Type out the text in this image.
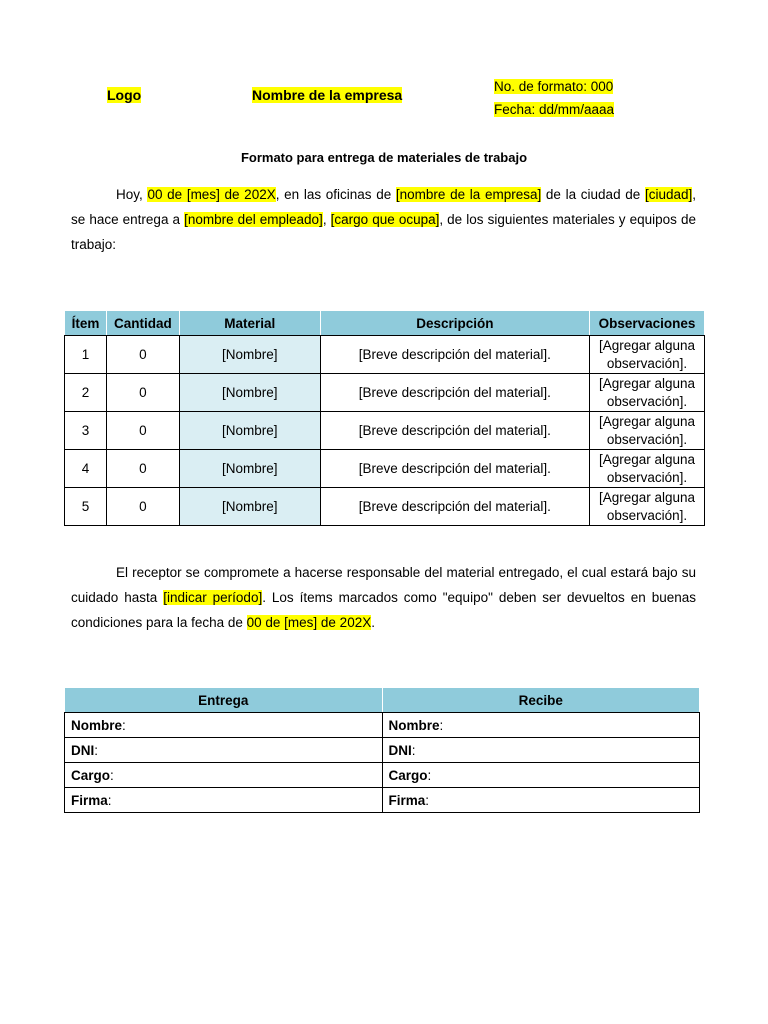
Logo	Nombre de la empresa
No. de formato: 000
Fecha: dd/mm/aaaa
Formato para entrega de materiales de trabajo
Hoy, 00 de [mes] de 202X, en las oficinas de [nombre de la empresa] de la ciudad de [ciudad], se hace entrega a [nombre del empleado], [cargo que ocupa], de los siguientes materiales y equipos de trabajo:
Ítem	Cantidad	Material	Descripción	Observaciones
1	0	[Nombre]	[Breve descripción del material].	[Agregar alguna observación].
2	0	[Nombre]	[Breve descripción del material].	[Agregar alguna observación].
3	0	[Nombre]	[Breve descripción del material].	[Agregar alguna observación].
4	0	[Nombre]	[Breve descripción del material].	[Agregar alguna observación].
5	0	[Nombre]	[Breve descripción del material].	[Agregar alguna observación].
El receptor se compromete a hacerse responsable del material entregado, el cual estará bajo su cuidado hasta [indicar período]. Los ítems marcados como "equipo" deben ser devueltos en buenas condiciones para la fecha de 00 de [mes] de 202X.
Entrega	Recibe
Nombre:	Nombre:
DNI:	DNI:
Cargo:	Cargo:
Firma:	Firma:
